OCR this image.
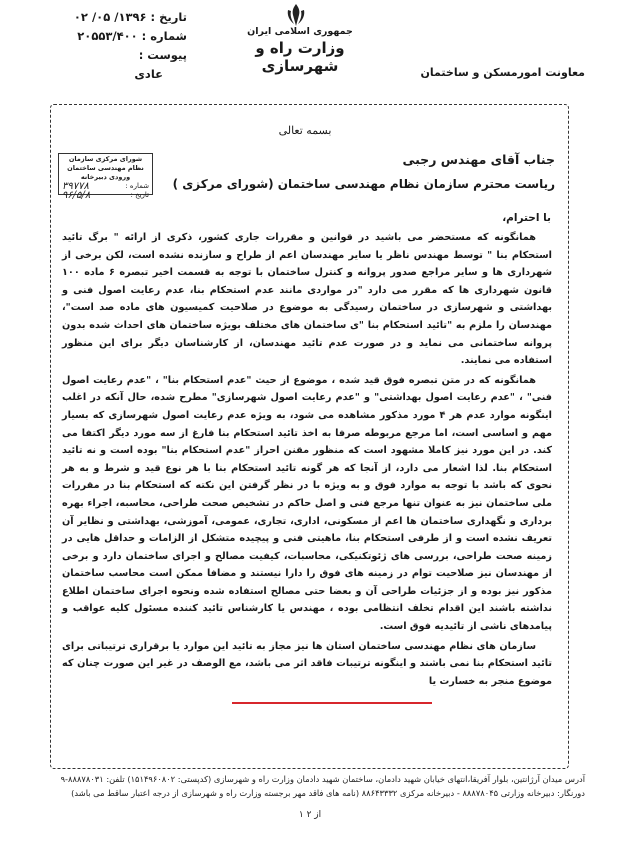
تاریخ : ۱۳۹۶/ ۰۵/ ۰۲
شماره : ۲۰۵۵۳/۴۰۰
پیوست :
عادی
جمهوری اسلامی ایران
وزارت راه و شهرسازی	معاونت امورمسکن و ساختمان
بسمه تعالی
شورای مرکزی سازمان نظام مهندسی ساختمان
ورودی دبیرخانه
شماره :
۳۹۷۷۸
تاریخ :
۹۶/۵/۸
جناب آقای مهندس رجبی
ریاست محترم سازمان نظام مهندسی ساختمان (شورای مرکزی )
با احترام،

همانگونه که مستحضر می باشید در قوانین و مقررات جاری کشور، ذکری از ارائه " برگ تائید استحکام بنا " توسط مهندس ناظر یا سایر مهندسان اعم از طراح و سازنده نشده است، لکن برخی از شهرداری ها و سایر مراجع صدور پروانه و کنترل ساختمان با توجه به قسمت اخیر تبصره ۶ ماده ۱۰۰ قانون شهرداری ها که مقرر می دارد "در مواردی مانند عدم استحکام بنا، عدم رعایت اصول فنی و بهداشتی و شهرسازی در ساختمان رسیدگی به موضوع در صلاحیت کمیسیون های ماده صد است"، مهندسان را ملزم به "تائید استحکام بنا "ی ساختمان های مختلف بویژه ساختمان های احداث شده بدون پروانه ساختمانی می نماید و در صورت عدم تائید مهندسان، از کارشناسان دیگر برای این منظور استفاده می نمایند.

همانگونه که در متن تبصره فوق قید شده ، موضوع از حیث "عدم استحکام بنا" ، "عدم رعایت اصول فنی" ، "عدم رعایت اصول بهداشتی" و "عدم رعایت اصول شهرسازی" مطرح شده، حال آنکه در اغلب اینگونه موارد عدم هر ۴ مورد مذکور مشاهده می شود، به ویژه عدم رعایت اصول شهرسازی که بسیار مهم و اساسی است، اما مرجع مربوطه صرفا به اخذ تائید استحکام بنا فارغ از سه مورد دیگر اکتفا می کند. در این مورد نیز کاملا مشهود است که منظور مقنن احراز "عدم استحکام بنا" بوده است و نه تائید استحکام بنا. لذا اشعار می دارد، از آنجا که هر گونه تائید استحکام بنا با هر نوع قید و شرط و به هر نحوی که باشد با توجه به موارد فوق و به ویژه با در نظر گرفتن این نکته که استحکام بنا در مقررات ملی ساختمان نیز به عنوان تنها مرجع فنی و اصل حاکم در تشخیص صحت طراحی، محاسبه، اجراء بهره برداری و نگهداری ساختمان ها اعم از مسکونی، اداری، تجاری، عمومی، آموزشی، بهداشتی و نظایر آن تعریف نشده است و از طرفی استحکام بنا، ماهیتی فنی و پیچیده متشکل از الزامات و حداقل هایی در زمینه صحت طراحی، بررسی های ژئوتکنیکی، محاسبات، کیفیت مصالح و اجرای ساختمان دارد و برخی از مهندسان نیز صلاحیت توام در زمینه های فوق را دارا نیستند و مضافا ممکن است محاسب ساختمان مذکور نیز بوده و از جزئیات طراحی آن و بعضا حتی مصالح استفاده شده ونحوه اجرای ساختمان اطلاع نداشته باشند این اقدام تخلف انتظامی بوده ، مهندس یا کارشناس تائید کننده مسئول کلیه عواقب و پیامدهای ناشی از تائیدیه فوق است.

سازمان های نظام مهندسی ساختمان استان ها نیز مجاز به تائید این موارد یا برقراری ترتیباتی برای تائید استحکام بنا نمی باشند و اینگونه ترتیبات فاقد اثر می باشد، مع الوصف در غیر این صورت چنان که موضوع منجر به خسارت یا

آدرس میدان آرژانتین، بلوار آفریقا،انتهای خیابان شهید دادمان، ساختمان شهید دادمان وزارت راه و شهرسازی (کدپستی: ۱۵۱۴۹۶۰۸۰۲) تلفن: ۸۸۸۷۸۰۳۱-۹
دورنگار: دبیرخانه وزارتی ۸۸۸۷۸۰۴۵ - دبیرخانه مرکزی ۸۸۶۴۳۳۳۲ (نامه های فاقد مهر برجسته وزارت راه و شهرسازی از درجه اعتبار ساقط می باشد)
۱ از ۲
